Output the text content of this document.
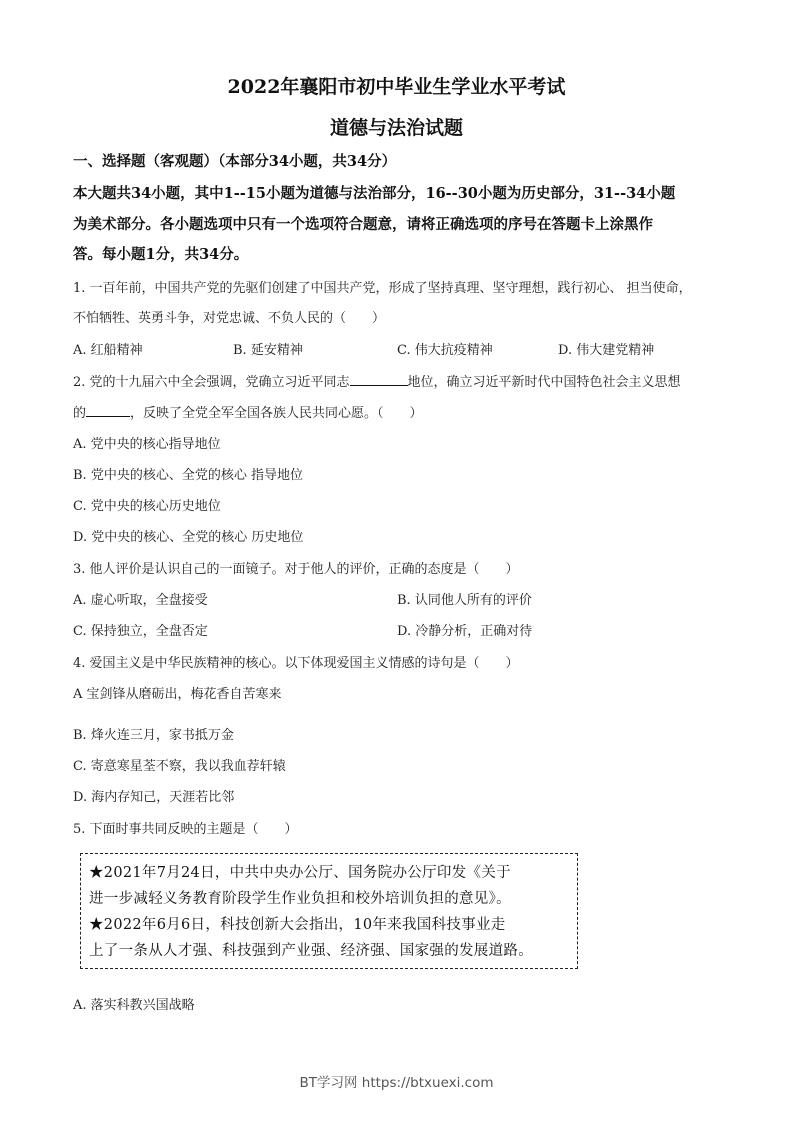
2022年襄阳市初中毕业生学业水平考试
道德与法治试题
一、选择题（客观题）（本部分34小题，共34分）
本大题共34小题，其中1--15小题为道德与法治部分，16--30小题为历史部分，31--34小题
为美术部分。各小题选项中只有一个选项符合题意，请将正确选项的序号在答题卡上涂黑作
答。每小题1分，共34分。
1. 一百年前，中国共产党的先驱们创建了中国共产党，形成了坚持真理、坚守理想，践行初心、 担当使命，
不怕牺牲、英勇斗争，对党忠诚、不负人民的（　　）
A. 红船精神	B. 延安精神	C. 伟大抗疫精神	D. 伟大建党精神
2. 党的十九届六中全会强调，党确立习近平同志	地位，确立习近平新时代中国特色社会主义思想
的	，反映了全党全军全国各族人民共同心愿。（　　）
A. 党中央的核心指导地位
B. 党中央的核心、全党的核心 指导地位
C. 党中央的核心历史地位
D. 党中央的核心、全党的核心 历史地位
3. 他人评价是认识自己的一面镜子。对于他人的评价，正确的态度是（　　）
A. 虚心听取，全盘接受	B. 认同他人所有的评价
C. 保持独立，全盘否定	D. 冷静分析，正确对待
4. 爱国主义是中华民族精神的核心。以下体现爱国主义情感的诗句是（　　）
A 宝剑锋从磨砺出，梅花香自苦寒来
B. 烽火连三月，家书抵万金
C. 寄意寒星荃不察，我以我血荐轩辕
D. 海内存知己，天涯若比邻
5. 下面时事共同反映的主题是（　　）
★2021年7月24日，中共中央办公厅、国务院办公厅印发《关于
进一步减轻义务教育阶段学生作业负担和校外培训负担的意见》。
★2022年6月6日，科技创新大会指出，10年来我国科技事业走
上了一条从人才强、科技强到产业强、经济强、国家强的发展道路。
A. 落实科教兴国战略
BT学习网 https://btxuexi.com
